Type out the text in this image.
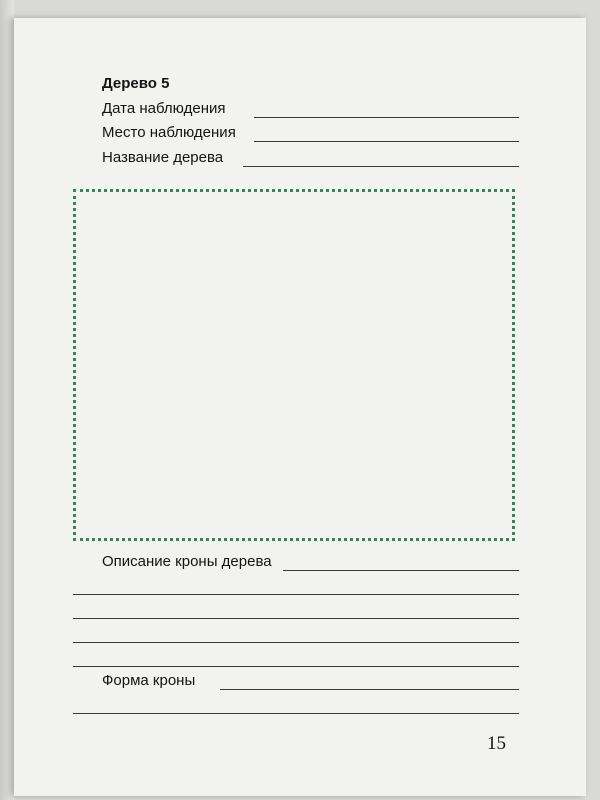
Дерево 5
Дата наблюдения
Место наблюдения
Название дерева
Описание кроны дерева
Форма кроны
15
